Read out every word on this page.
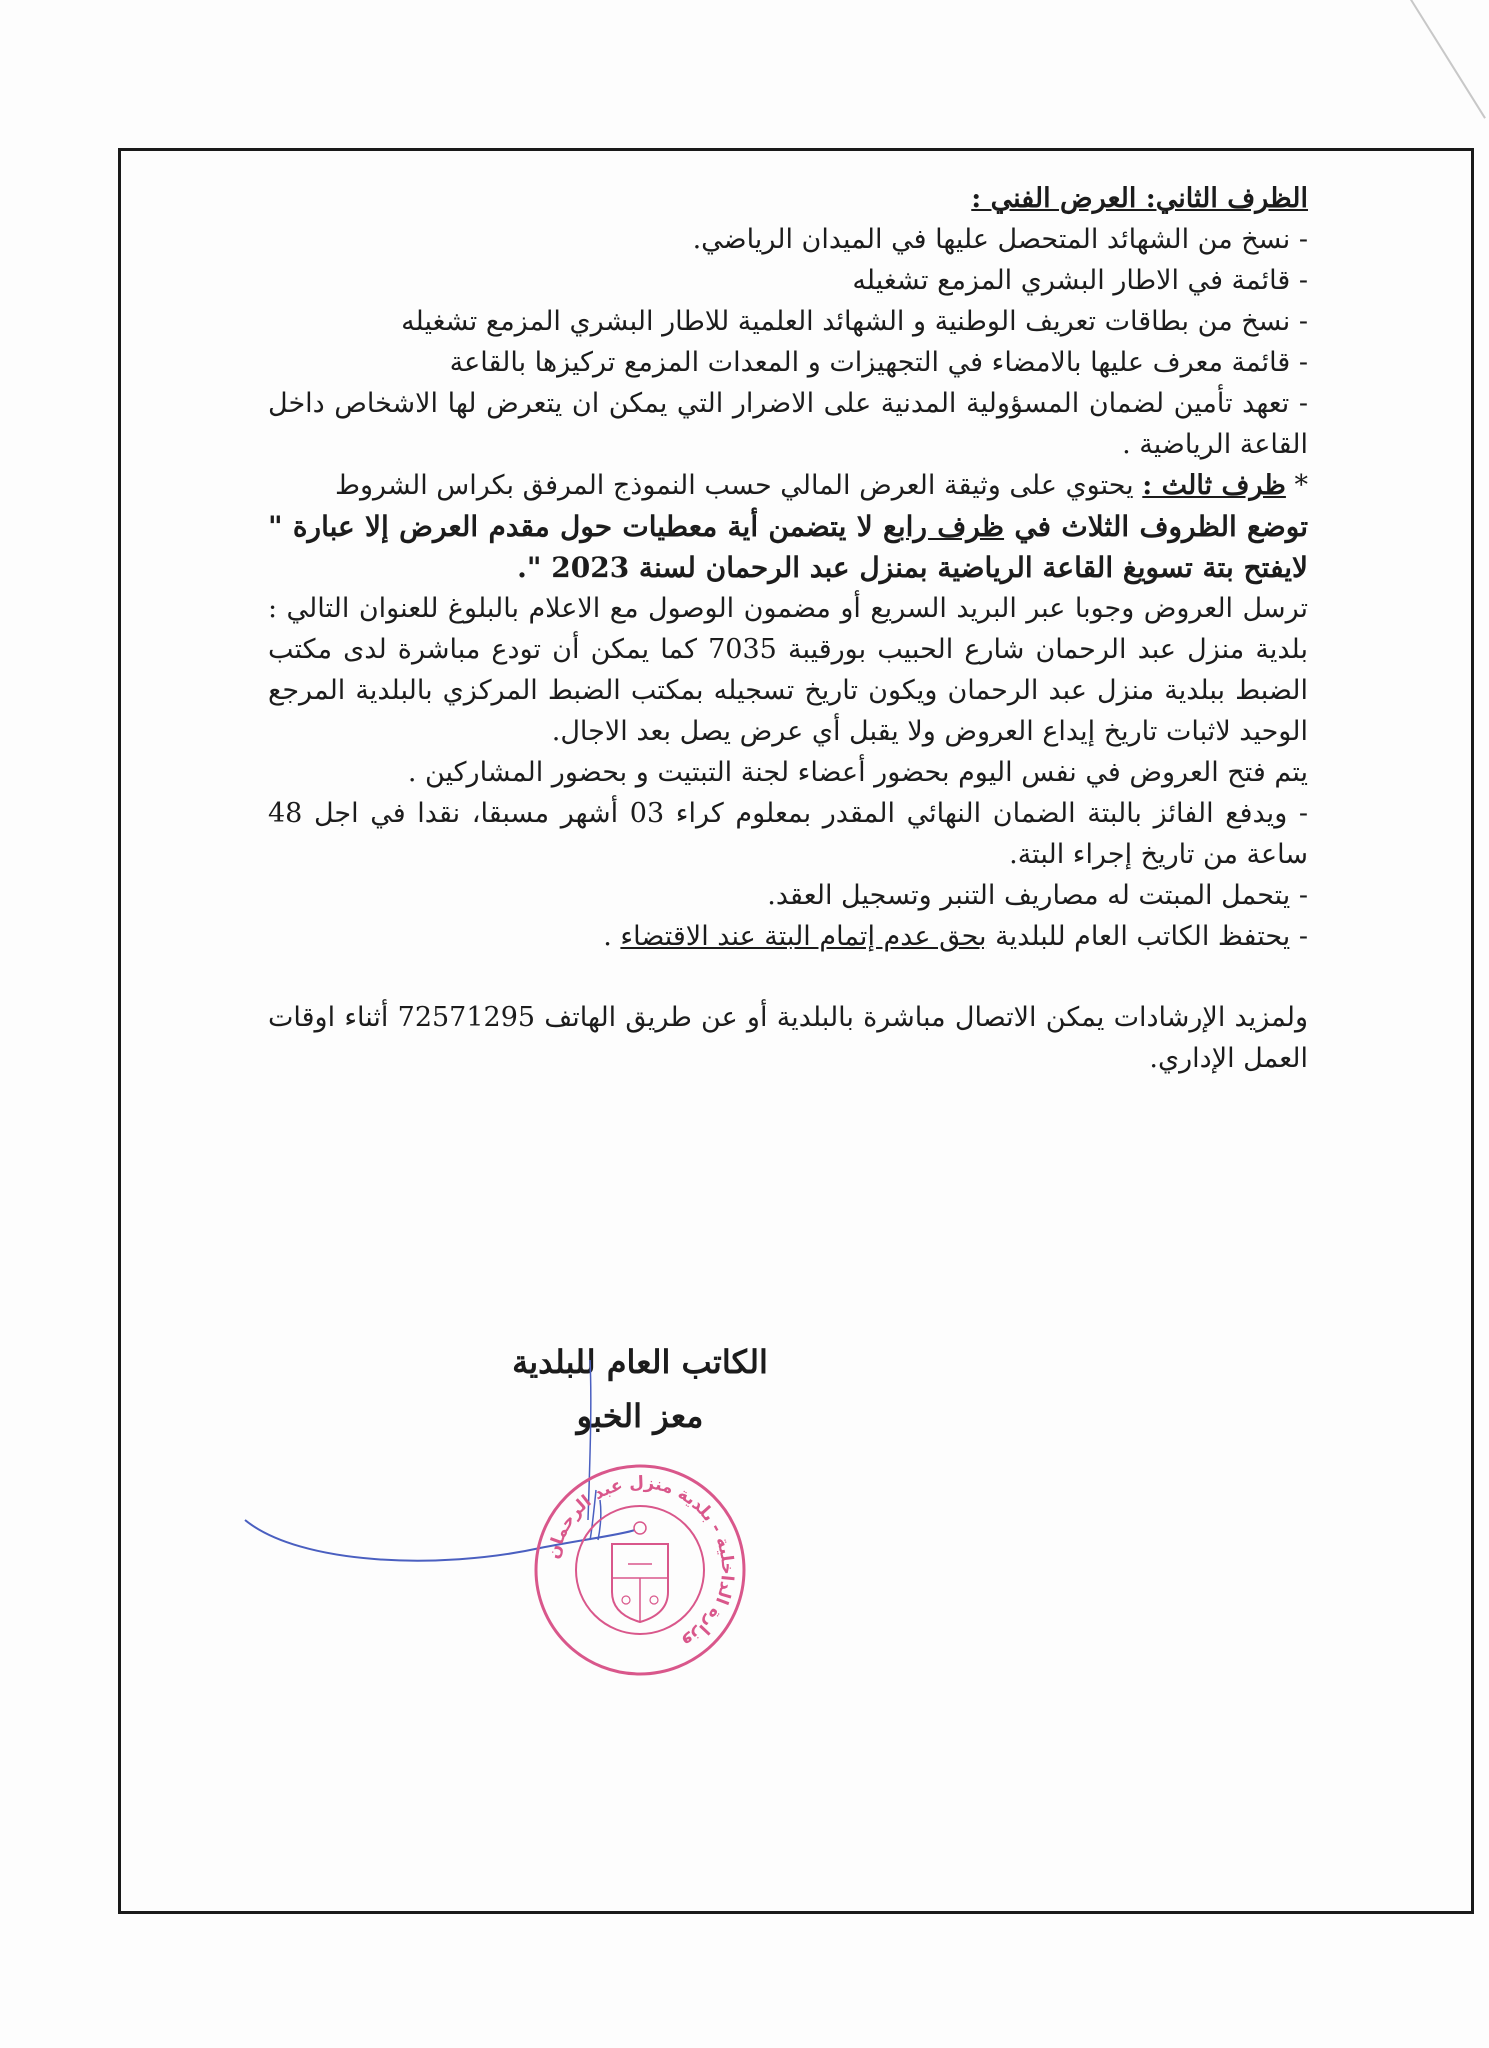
الظرف الثاني: العرض الفني :

- نسخ من الشهائد المتحصل عليها في الميدان الرياضي.

- قائمة في الاطار البشري المزمع تشغيله

- نسخ من بطاقات تعريف الوطنية و الشهائد العلمية للاطار البشري المزمع تشغيله

- قائمة معرف عليها بالامضاء في التجهيزات و المعدات المزمع تركيزها بالقاعة

- تعهد تأمين لضمان المسؤولية المدنية على الاضرار التي يمكن ان يتعرض لها الاشخاص داخل القاعة الرياضية .

* ظرف ثالث : يحتوي على وثيقة العرض المالي حسب النموذج المرفق بكراس الشروط

توضع الظروف الثلاث في ظرف رابع لا يتضمن أية معطيات حول مقدم العرض إلا عبارة " لايفتح بتة تسويغ القاعة الرياضية بمنزل عبد الرحمان لسنة 2023 ".

ترسل العروض وجوبا عبر البريد السريع أو مضمون الوصول مع الاعلام بالبلوغ للعنوان التالي : بلدية منزل عبد الرحمان شارع الحبيب بورقيبة 7035 كما يمكن أن تودع مباشرة لدى مكتب الضبط ببلدية منزل عبد الرحمان ويكون تاريخ تسجيله بمكتب الضبط المركزي بالبلدية المرجع الوحيد لاثبات تاريخ إيداع العروض ولا يقبل أي عرض يصل بعد الاجال.

يتم فتح العروض في نفس اليوم بحضور أعضاء لجنة التبتيت و بحضور المشاركين .

- ويدفع الفائز بالبتة الضمان النهائي المقدر بمعلوم كراء 03 أشهر مسبقا، نقدا في اجل 48 ساعة من تاريخ إجراء البتة.

- يتحمل المبتت له مصاريف التنبر وتسجيل العقد.

- يحتفظ الكاتب العام للبلدية بحق عدم إتمام البتة عند الاقتضاء .

ولمزيد الإرشادات يمكن الاتصال مباشرة بالبلدية أو عن طريق الهاتف 72571295 أثناء اوقات العمل الإداري.

الكاتب العام للبلدية
معز الخبو
وزارة الداخلية - بلدية منزل عبد الرحمان
